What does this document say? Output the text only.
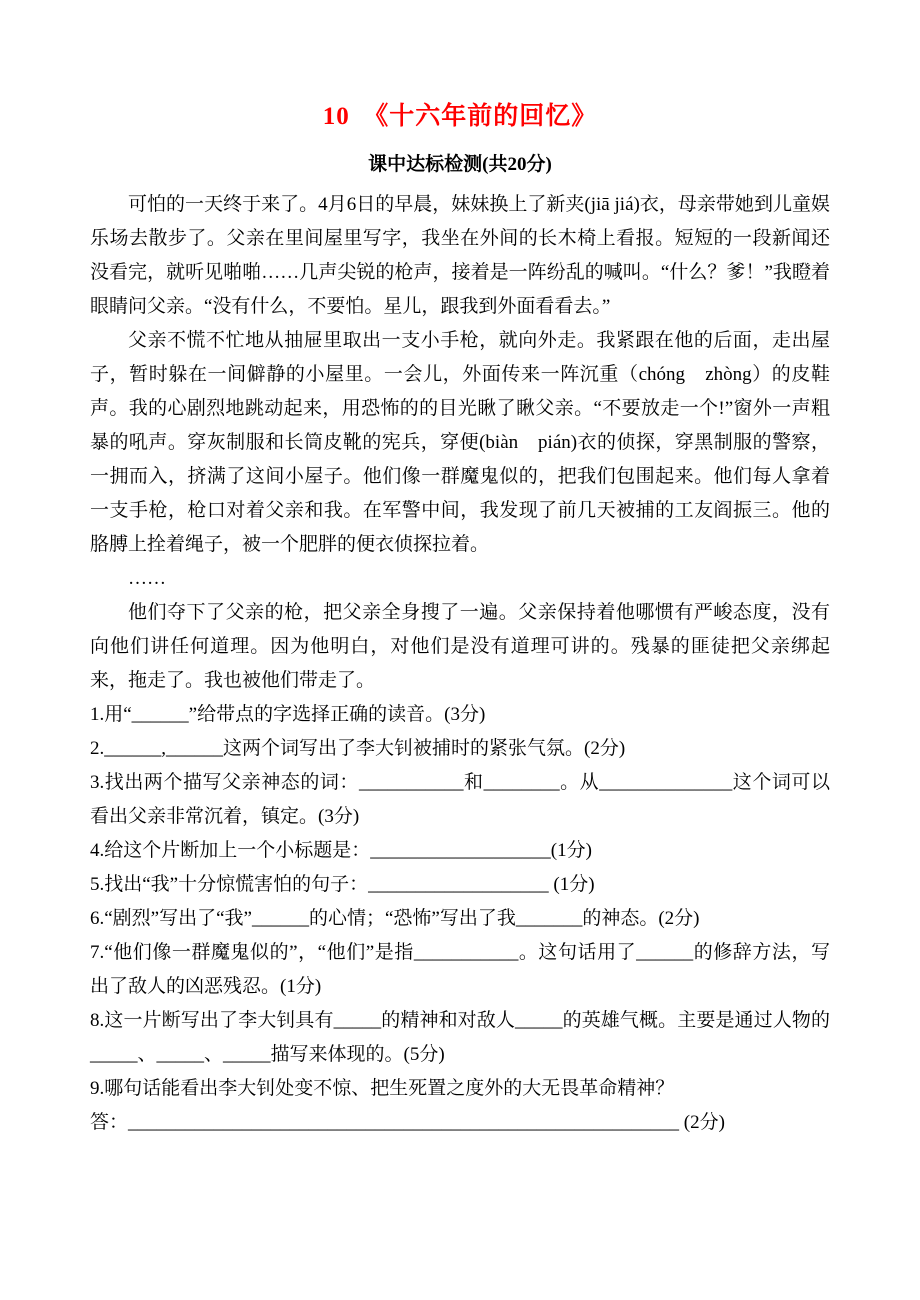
10　《十六年前的回忆》
课中达标检测(共20分)

可怕的一天终于来了。4月6日的早晨，妹妹换上了新夹(jiā jiá)衣，母亲带她到儿童娱乐场去散步了。父亲在里间屋里写字，我坐在外间的长木椅上看报。短短的一段新闻还没看完，就听见啪啪……几声尖锐的枪声，接着是一阵纷乱的喊叫。“什么？爹！”我瞪着眼睛问父亲。“没有什么，不要怕。星儿，跟我到外面看看去。”

父亲不慌不忙地从抽屉里取出一支小手枪，就向外走。我紧跟在他的后面，走出屋子，暂时躲在一间僻静的小屋里。一会儿，外面传来一阵沉重（chóng　zhòng）的皮鞋声。我的心剧烈地跳动起来，用恐怖的的目光瞅了瞅父亲。“不要放走一个!”窗外一声粗暴的吼声。穿灰制服和长筒皮靴的宪兵，穿便(biàn　pián)衣的侦探，穿黑制服的警察，一拥而入，挤满了这间小屋子。他们像一群魔鬼似的，把我们包围起来。他们每人拿着一支手枪，枪口对着父亲和我。在军警中间，我发现了前几天被捕的工友阎振三。他的胳膊上拴着绳子，被一个肥胖的便衣侦探拉着。

……

他们夺下了父亲的枪，把父亲全身搜了一遍。父亲保持着他哪惯有严峻态度，没有向他们讲任何道理。因为他明白，对他们是没有道理可讲的。残暴的匪徒把父亲绑起来，拖走了。我也被他们带走了。

1.用“______”给带点的字选择正确的读音。(3分)

2.______,______这两个词写出了李大钊被捕时的紧张气氛。(2分)

3.找出两个描写父亲神态的词：___________和________。从______________这个词可以看出父亲非常沉着，镇定。(3分)

4.给这个片断加上一个小标题是：___________________(1分)

5.找出“我”十分惊慌害怕的句子：___________________ (1分)

6.“剧烈”写出了“我”______的心情；“恐怖”写出了我_______的神态。(2分)

7.“他们像一群魔鬼似的”，“他们”是指___________。这句话用了______的修辞方法，写出了敌人的凶恶残忍。(1分)

8.这一片断写出了李大钊具有_____的精神和对敌人_____的英雄气概。主要是通过人物的_____、_____、_____描写来体现的。(5分)

9.哪句话能看出李大钊处变不惊、把生死置之度外的大无畏革命精神？

答：__________________________________________________________ (2分)
